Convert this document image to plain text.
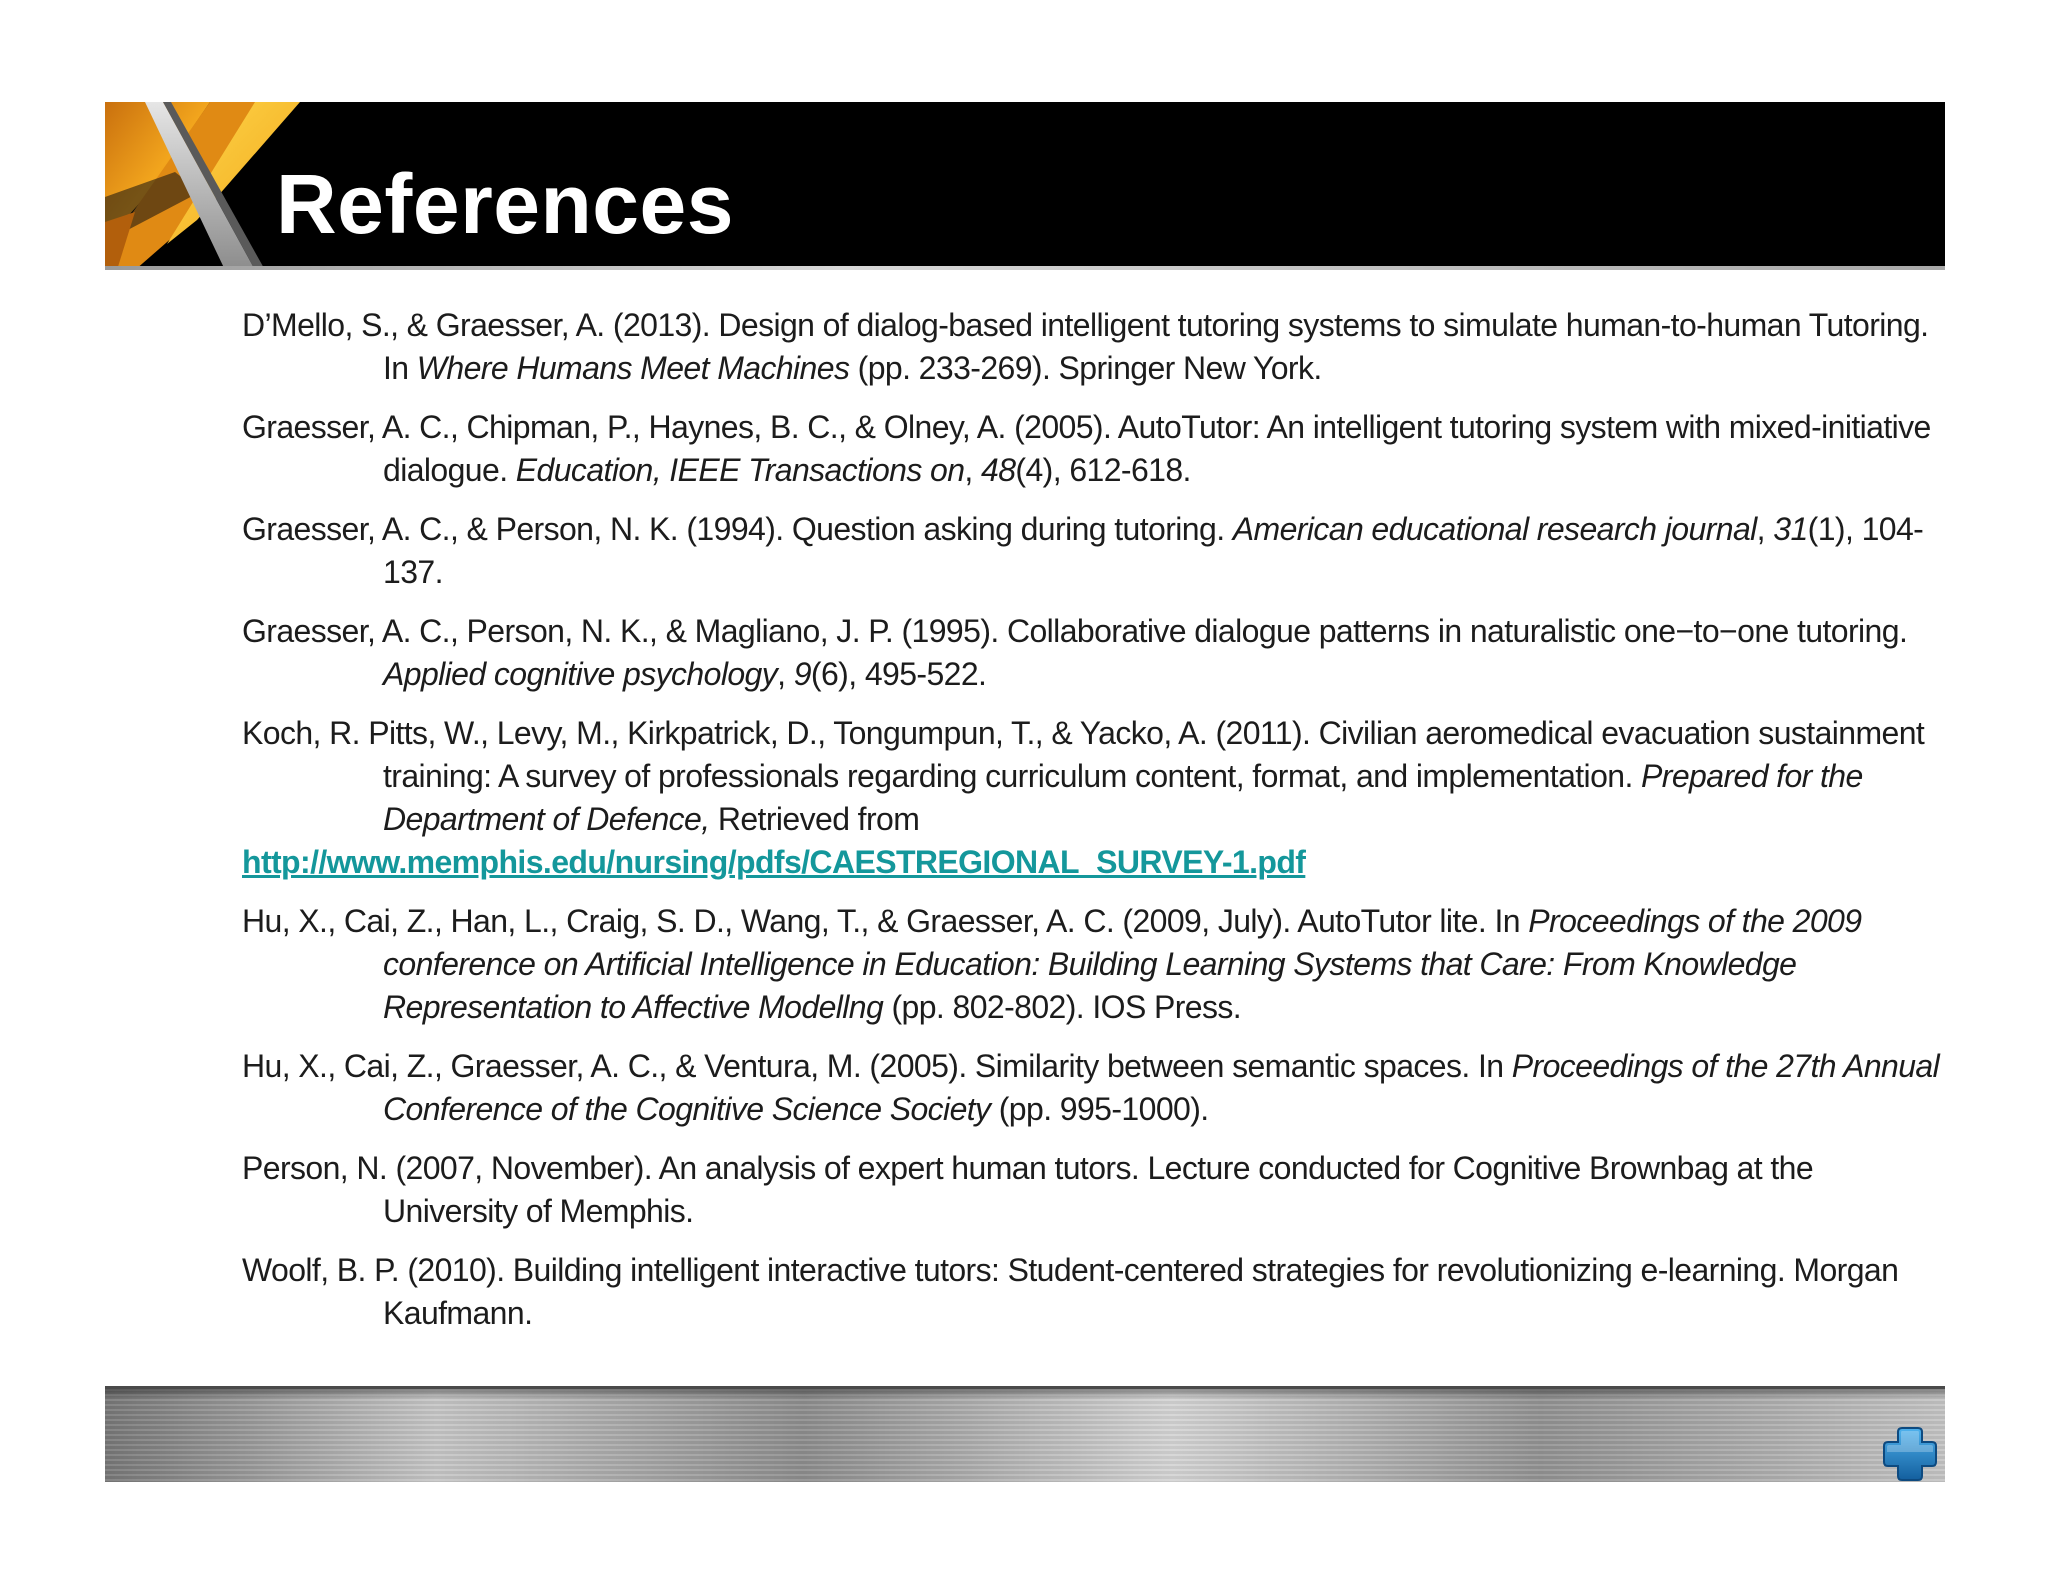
References
D’Mello, S., & Graesser, A. (2013). Design of dialog-based intelligent tutoring systems to simulate human-to-human Tutoring. In Where Humans Meet Machines (pp. 233-269). Springer New York.
Graesser, A. C., Chipman, P., Haynes, B. C., & Olney, A. (2005). AutoTutor: An intelligent tutoring system with mixed-initiative dialogue. Education, IEEE Transactions on, 48(4), 612-618.
Graesser, A. C., & Person, N. K. (1994). Question asking during tutoring. American educational research journal, 31(1), 104-137.
Graesser, A. C., Person, N. K., & Magliano, J. P. (1995). Collaborative dialogue patterns in naturalistic one−to−one tutoring. Applied cognitive psychology, 9(6), 495-522.
Koch, R. Pitts, W., Levy, M., Kirkpatrick, D., Tongumpun, T., & Yacko, A. (2011). Civilian aeromedical evacuation sustainment training: A survey of professionals regarding curriculum content, format, and implementation. Prepared for the Department of Defence, Retrieved from
http://www.memphis.edu/nursing/pdfs/CAESTREGIONAL_SURVEY-1.pdf
Hu, X., Cai, Z., Han, L., Craig, S. D., Wang, T., & Graesser, A. C. (2009, July). AutoTutor lite. In Proceedings of the 2009 conference on Artificial Intelligence in Education: Building Learning Systems that Care: From Knowledge Representation to Affective Modellng (pp. 802-802). IOS Press.
Hu, X., Cai, Z., Graesser, A. C., & Ventura, M. (2005). Similarity between semantic spaces. In Proceedings of the 27th Annual Conference of the Cognitive Science Society (pp. 995-1000).
Person, N. (2007, November). An analysis of expert human tutors. Lecture conducted for Cognitive Brownbag at the University of Memphis.
Woolf, B. P. (2010). Building intelligent interactive tutors: Student-centered strategies for revolutionizing e-learning. Morgan Kaufmann.
